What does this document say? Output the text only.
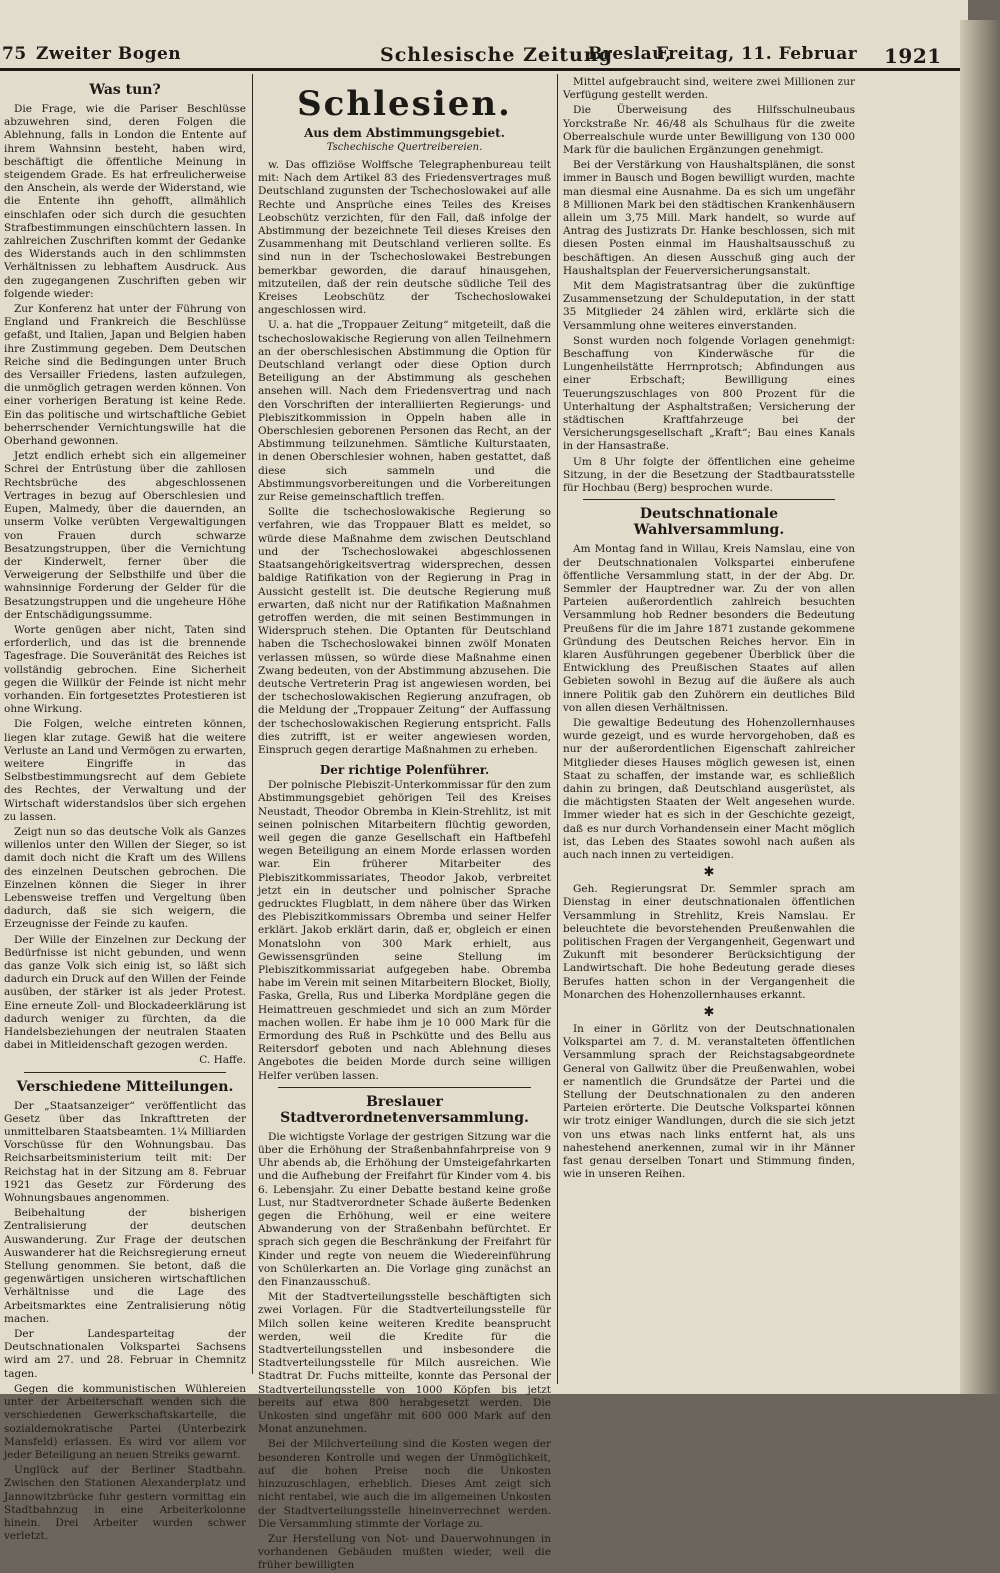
75 Zweiter Bogen	Schlesische Zeitung
Breslau,
Freitag, 11. Februar 1921
Was tun?

Die Frage, wie die Pariser Beschlüsse abzuwehren sind, deren Folgen die Ablehnung, falls in London die Entente auf ihrem Wahnsinn besteht, haben wird, beschäftigt die öffentliche Meinung in steigendem Grade. Es hat erfreulicherweise den Anschein, als werde der Widerstand, wie die Entente ihn gehofft, allmählich einschlafen oder sich durch die gesuchten Strafbestimmungen einschüchtern lassen. In zahlreichen Zuschriften kommt der Gedanke des Widerstands auch in den schlimmsten Verhältnissen zu lebhaftem Ausdruck. Aus den zugegangenen Zuschriften geben wir folgende wieder:

Zur Konferenz hat unter der Führung von England und Frankreich die Beschlüsse gefaßt, und Italien, Japan und Belgien haben ihre Zustimmung gegeben. Dem Deutschen Reiche sind die Bedingungen unter Bruch des Versailler Friedens, lasten aufzulegen, die unmöglich getragen werden können. Von einer vorherigen Beratung ist keine Rede. Ein das politische und wirtschaftliche Gebiet beherrschender Vernichtungswille hat die Oberhand gewonnen.

Jetzt endlich erhebt sich ein allgemeiner Schrei der Entrüstung über die zahllosen Rechtsbrüche des abgeschlossenen Vertrages in bezug auf Oberschlesien und Eupen, Malmedy, über die dauernden, an unserm Volke verübten Vergewaltigungen von Frauen durch schwarze Besatzungstruppen, über die Vernichtung der Kinderwelt, ferner über die Verweigerung der Selbsthilfe und über die wahnsinnige Forderung der Gelder für die Besatzungstruppen und die ungeheure Höhe der Entschädigungssumme.

Worte genügen aber nicht, Taten sind erforderlich, und das ist die brennende Tagesfrage. Die Souveränität des Reiches ist vollständig gebrochen. Eine Sicherheit gegen die Willkür der Feinde ist nicht mehr vorhanden. Ein fortgesetztes Protestieren ist ohne Wirkung.

Die Folgen, welche eintreten können, liegen klar zutage. Gewiß hat die weitere Verluste an Land und Vermögen zu erwarten, weitere Eingriffe in das Selbstbestimmungsrecht auf dem Gebiete des Rechtes, der Verwaltung und der Wirtschaft widerstandslos über sich ergehen zu lassen.

Zeigt nun so das deutsche Volk als Ganzes willenlos unter den Willen der Sieger, so ist damit doch nicht die Kraft um des Willens des einzelnen Deutschen gebrochen. Die Einzelnen können die Sieger in ihrer Lebensweise treffen und Vergeltung üben dadurch, daß sie sich weigern, die Erzeugnisse der Feinde zu kaufen.

Der Wille der Einzelnen zur Deckung der Bedürfnisse ist nicht gebunden, und wenn das ganze Volk sich einig ist, so läßt sich dadurch ein Druck auf den Willen der Feinde ausüben, der stärker ist als jeder Protest. Eine erneute Zoll- und Blockadeerklärung ist dadurch weniger zu fürchten, da die Handelsbeziehungen der neutralen Staaten dabei in Mitleidenschaft gezogen werden.

C. Haffe.

Verschiedene Mitteilungen.

Der „Staatsanzeiger“ veröffentlicht das Gesetz über das Inkrafttreten der unmittelbaren Staatsbeamten. 1¼ Milliarden Vorschüsse für den Wohnungsbau. Das Reichsarbeitsministerium teilt mit: Der Reichstag hat in der Sitzung am 8. Februar 1921 das Gesetz zur Förderung des Wohnungsbaues angenommen.

Beibehaltung der bisherigen Zentralisierung der deutschen Auswanderung. Zur Frage der deutschen Auswanderer hat die Reichsregierung erneut Stellung genommen. Sie betont, daß die gegenwärtigen unsicheren wirtschaftlichen Verhältnisse und die Lage des Arbeitsmarktes eine Zentralisierung nötig machen.

Der Landesparteitag der Deutschnationalen Volkspartei Sachsens wird am 27. und 28. Februar in Chemnitz tagen.

Gegen die kommunistischen Wühlereien unter der Arbeiterschaft wenden sich die verschiedenen Gewerkschaftskartelle, die sozialdemokratische Partei (Unterbezirk Mansfeld) erlassen. Es wird vor allem vor jeder Beteiligung an neuen Streiks gewarnt.

Unglück auf der Berliner Stadtbahn. Zwischen den Stationen Alexanderplatz und Jannowitzbrücke fuhr gestern vormittag ein Stadtbahnzug in eine Arbeiterkolonne hinein. Drei Arbeiter wurden schwer verletzt.

Schlesien.
Aus dem Abstimmungsgebiet.
Tschechische Quertreibereien.

w. Das offiziöse Wolffsche Telegraphenbureau teilt mit: Nach dem Artikel 83 des Friedensvertrages muß Deutschland zugunsten der Tschechoslowakei auf alle Rechte und Ansprüche eines Teiles des Kreises Leobschütz verzichten, für den Fall, daß infolge der Abstimmung der bezeichnete Teil dieses Kreises den Zusammenhang mit Deutschland verlieren sollte. Es sind nun in der Tschechoslowakei Bestrebungen bemerkbar geworden, die darauf hinausgehen, mitzuteilen, daß der rein deutsche südliche Teil des Kreises Leobschütz der Tschechoslowakei angeschlossen wird.

U. a. hat die „Troppauer Zeitung“ mitgeteilt, daß die tschechoslowakische Regierung von allen Teilnehmern an der oberschlesischen Abstimmung die Option für Deutschland verlangt oder diese Option durch Beteiligung an der Abstimmung als geschehen ansehen will. Nach dem Friedensvertrag und nach den Vorschriften der interalliierten Regierungs- und Plebiszitkommission in Oppeln haben alle in Oberschlesien geborenen Personen das Recht, an der Abstimmung teilzunehmen. Sämtliche Kulturstaaten, in denen Oberschlesier wohnen, haben gestattet, daß diese sich sammeln und die Abstimmungsvorbereitungen und die Vorbereitungen zur Reise gemeinschaftlich treffen.

Sollte die tschechoslowakische Regierung so verfahren, wie das Troppauer Blatt es meldet, so würde diese Maßnahme dem zwischen Deutschland und der Tschechoslowakei abgeschlossenen Staatsangehörigkeitsvertrag widersprechen, dessen baldige Ratifikation von der Regierung in Prag in Aussicht gestellt ist. Die deutsche Regierung muß erwarten, daß nicht nur der Ratifikation Maßnahmen getroffen werden, die mit seinen Bestimmungen in Widerspruch stehen. Die Optanten für Deutschland haben die Tschechoslowakei binnen zwölf Monaten verlassen müssen, so würde diese Maßnahme einen Zwang bedeuten, von der Abstimmung abzusehen. Die deutsche Vertreterin Prag ist angewiesen worden, bei der tschechoslowakischen Regierung anzufragen, ob die Meldung der „Troppauer Zeitung“ der Auffassung der tschechoslowakischen Regierung entspricht. Falls dies zutrifft, ist er weiter angewiesen worden, Einspruch gegen derartige Maßnahmen zu erheben.

Der richtige Polenführer.

Der polnische Plebiszit-Unterkommissar für den zum Abstimmungsgebiet gehörigen Teil des Kreises Neustadt, Theodor Obremba in Klein-Strehlitz, ist mit seinen polnischen Mitarbeitern flüchtig geworden, weil gegen die ganze Gesellschaft ein Haftbefehl wegen Beteiligung an einem Morde erlassen worden war. Ein früherer Mitarbeiter des Plebiszitkommissariates, Theodor Jakob, verbreitet jetzt ein in deutscher und polnischer Sprache gedrucktes Flugblatt, in dem nähere über das Wirken des Plebiszitkommissars Obremba und seiner Helfer erklärt. Jakob erklärt darin, daß er, obgleich er einen Monatslohn von 300 Mark erhielt, aus Gewissensgründen seine Stellung im Plebiszitkommissariat aufgegeben habe. Obremba habe im Verein mit seinen Mitarbeitern Blocket, Biolly, Faska, Grella, Rus und Liberka Mordpläne gegen die Heimattreuen geschmiedet und sich an zum Mörder machen wollen. Er habe ihm je 10 000 Mark für die Ermordung des Ruß in Pschkütte und des Bellu aus Reitersdorf geboten und nach Ablehnung dieses Angebotes die beiden Morde durch seine willigen Helfer verüben lassen.

Breslauer Stadtverordnetenversammlung.

Die wichtigste Vorlage der gestrigen Sitzung war die über die Erhöhung der Straßenbahnfahrpreise von 9 Uhr abends ab, die Erhöhung der Umsteigefahrkarten und die Aufhebung der Freifahrt für Kinder vom 4. bis 6. Lebensjahr. Zu einer Debatte bestand keine große Lust, nur Stadtverordneter Schade äußerte Bedenken gegen die Erhöhung, weil er eine weitere Abwanderung von der Straßenbahn befürchtet. Er sprach sich gegen die Beschränkung der Freifahrt für Kinder und regte von neuem die Wiedereinführung von Schülerkarten an. Die Vorlage ging zunächst an den Finanzausschuß.

Mit der Stadtverteilungsstelle beschäftigten sich zwei Vorlagen. Für die Stadtverteilungsstelle für Milch sollen keine weiteren Kredite beansprucht werden, weil die Kredite für die Stadtverteilungsstellen und insbesondere die Stadtverteilungsstelle für Milch ausreichen. Wie Stadtrat Dr. Fuchs mitteilte, konnte das Personal der Stadtverteilungsstelle von 1000 Köpfen bis jetzt bereits auf etwa 800 herabgesetzt werden. Die Unkosten sind ungefähr mit 600 000 Mark auf den Monat anzunehmen.

Bei der Milchverteilung sind die Kosten wegen der besonderen Kontrolle und wegen der Unmöglichkeit, auf die hohen Preise noch die Unkosten hinzuzuschlagen, erheblich. Dieses Amt zeigt sich nicht rentabel, wie auch die im allgemeinen Unkosten der Stadtverteilungsstelle hineinverrechnet werden. Die Versammlung stimmte der Vorlage zu.

Zur Herstellung von Not- und Dauerwohnungen in vorhandenen Gebäuden mußten wieder, weil die früher bewilligten

Mittel aufgebraucht sind, weitere zwei Millionen zur Verfügung gestellt werden.

Die Überweisung des Hilfsschulneubaus Yorckstraße Nr. 46/48 als Schulhaus für die zweite Oberrealschule wurde unter Bewilligung von 130 000 Mark für die baulichen Ergänzungen genehmigt.

Bei der Verstärkung von Haushaltsplänen, die sonst immer in Bausch und Bogen bewilligt wurden, machte man diesmal eine Ausnahme. Da es sich um ungefähr 8 Millionen Mark bei den städtischen Krankenhäusern allein um 3,75 Mill. Mark handelt, so wurde auf Antrag des Justizrats Dr. Hanke beschlossen, sich mit diesen Posten einmal im Haushaltsausschuß zu beschäftigen. An diesen Ausschuß ging auch der Haushaltsplan der Feuerversicherungsanstalt.

Mit dem Magistratsantrag über die zukünftige Zusammensetzung der Schuldeputation, in der statt 35 Mitglieder 24 zählen wird, erklärte sich die Versammlung ohne weiteres einverstanden.

Sonst wurden noch folgende Vorlagen genehmigt: Beschaffung von Kinderwäsche für die Lungenheilstätte Herrnprotsch; Abfindungen aus einer Erbschaft; Bewilligung eines Teuerungszuschlages von 800 Prozent für die Unterhaltung der Asphaltstraßen; Versicherung der städtischen Kraftfahrzeuge bei der Versicherungsgesellschaft „Kraft“; Bau eines Kanals in der Hansastraße.

Um 8 Uhr folgte der öffentlichen eine geheime Sitzung, in der die Besetzung der Stadtbauratsstelle für Hochbau (Berg) besprochen wurde.

Deutschnationale Wahlversammlung.

Am Montag fand in Willau, Kreis Namslau, eine von der Deutschnationalen Volkspartei einberufene öffentliche Versammlung statt, in der der Abg. Dr. Semmler der Hauptredner war. Zu der von allen Parteien außerordentlich zahlreich besuchten Versammlung hob Redner besonders die Bedeutung Preußens für die im Jahre 1871 zustande gekommene Gründung des Deutschen Reiches hervor. Ein in klaren Ausführungen gegebener Überblick über die Entwicklung des Preußischen Staates auf allen Gebieten sowohl in Bezug auf die äußere als auch innere Politik gab den Zuhörern ein deutliches Bild von allen diesen Verhältnissen.

Die gewaltige Bedeutung des Hohenzollernhauses wurde gezeigt, und es wurde hervorgehoben, daß es nur der außerordentlichen Eigenschaft zahlreicher Mitglieder dieses Hauses möglich gewesen ist, einen Staat zu schaffen, der imstande war, es schließlich dahin zu bringen, daß Deutschland ausgerüstet, als die mächtigsten Staaten der Welt angesehen wurde. Immer wieder hat es sich in der Geschichte gezeigt, daß es nur durch Vorhandensein einer Macht möglich ist, das Leben des Staates sowohl nach außen als auch nach innen zu verteidigen.

✱

Geh. Regierungsrat Dr. Semmler sprach am Dienstag in einer deutschnationalen öffentlichen Versammlung in Strehlitz, Kreis Namslau. Er beleuchtete die bevorstehenden Preußenwahlen die politischen Fragen der Vergangenheit, Gegenwart und Zukunft mit besonderer Berücksichtigung der Landwirtschaft. Die hohe Bedeutung gerade dieses Berufes hatten schon in der Vergangenheit die Monarchen des Hohenzollernhauses erkannt.

✱

In einer in Görlitz von der Deutschnationalen Volkspartei am 7. d. M. veranstalteten öffentlichen Versammlung sprach der Reichstagsabgeordnete General von Gallwitz über die Preußenwahlen, wobei er namentlich die Grundsätze der Partei und die Stellung der Deutschnationalen zu den anderen Parteien erörterte. Die Deutsche Volkspartei können wir trotz einiger Wandlungen, durch die sie sich jetzt von uns etwas nach links entfernt hat, als uns nahestehend anerkennen, zumal wir in ihr Männer fast genau derselben Tonart und Stimmung finden, wie in unseren Reihen.
